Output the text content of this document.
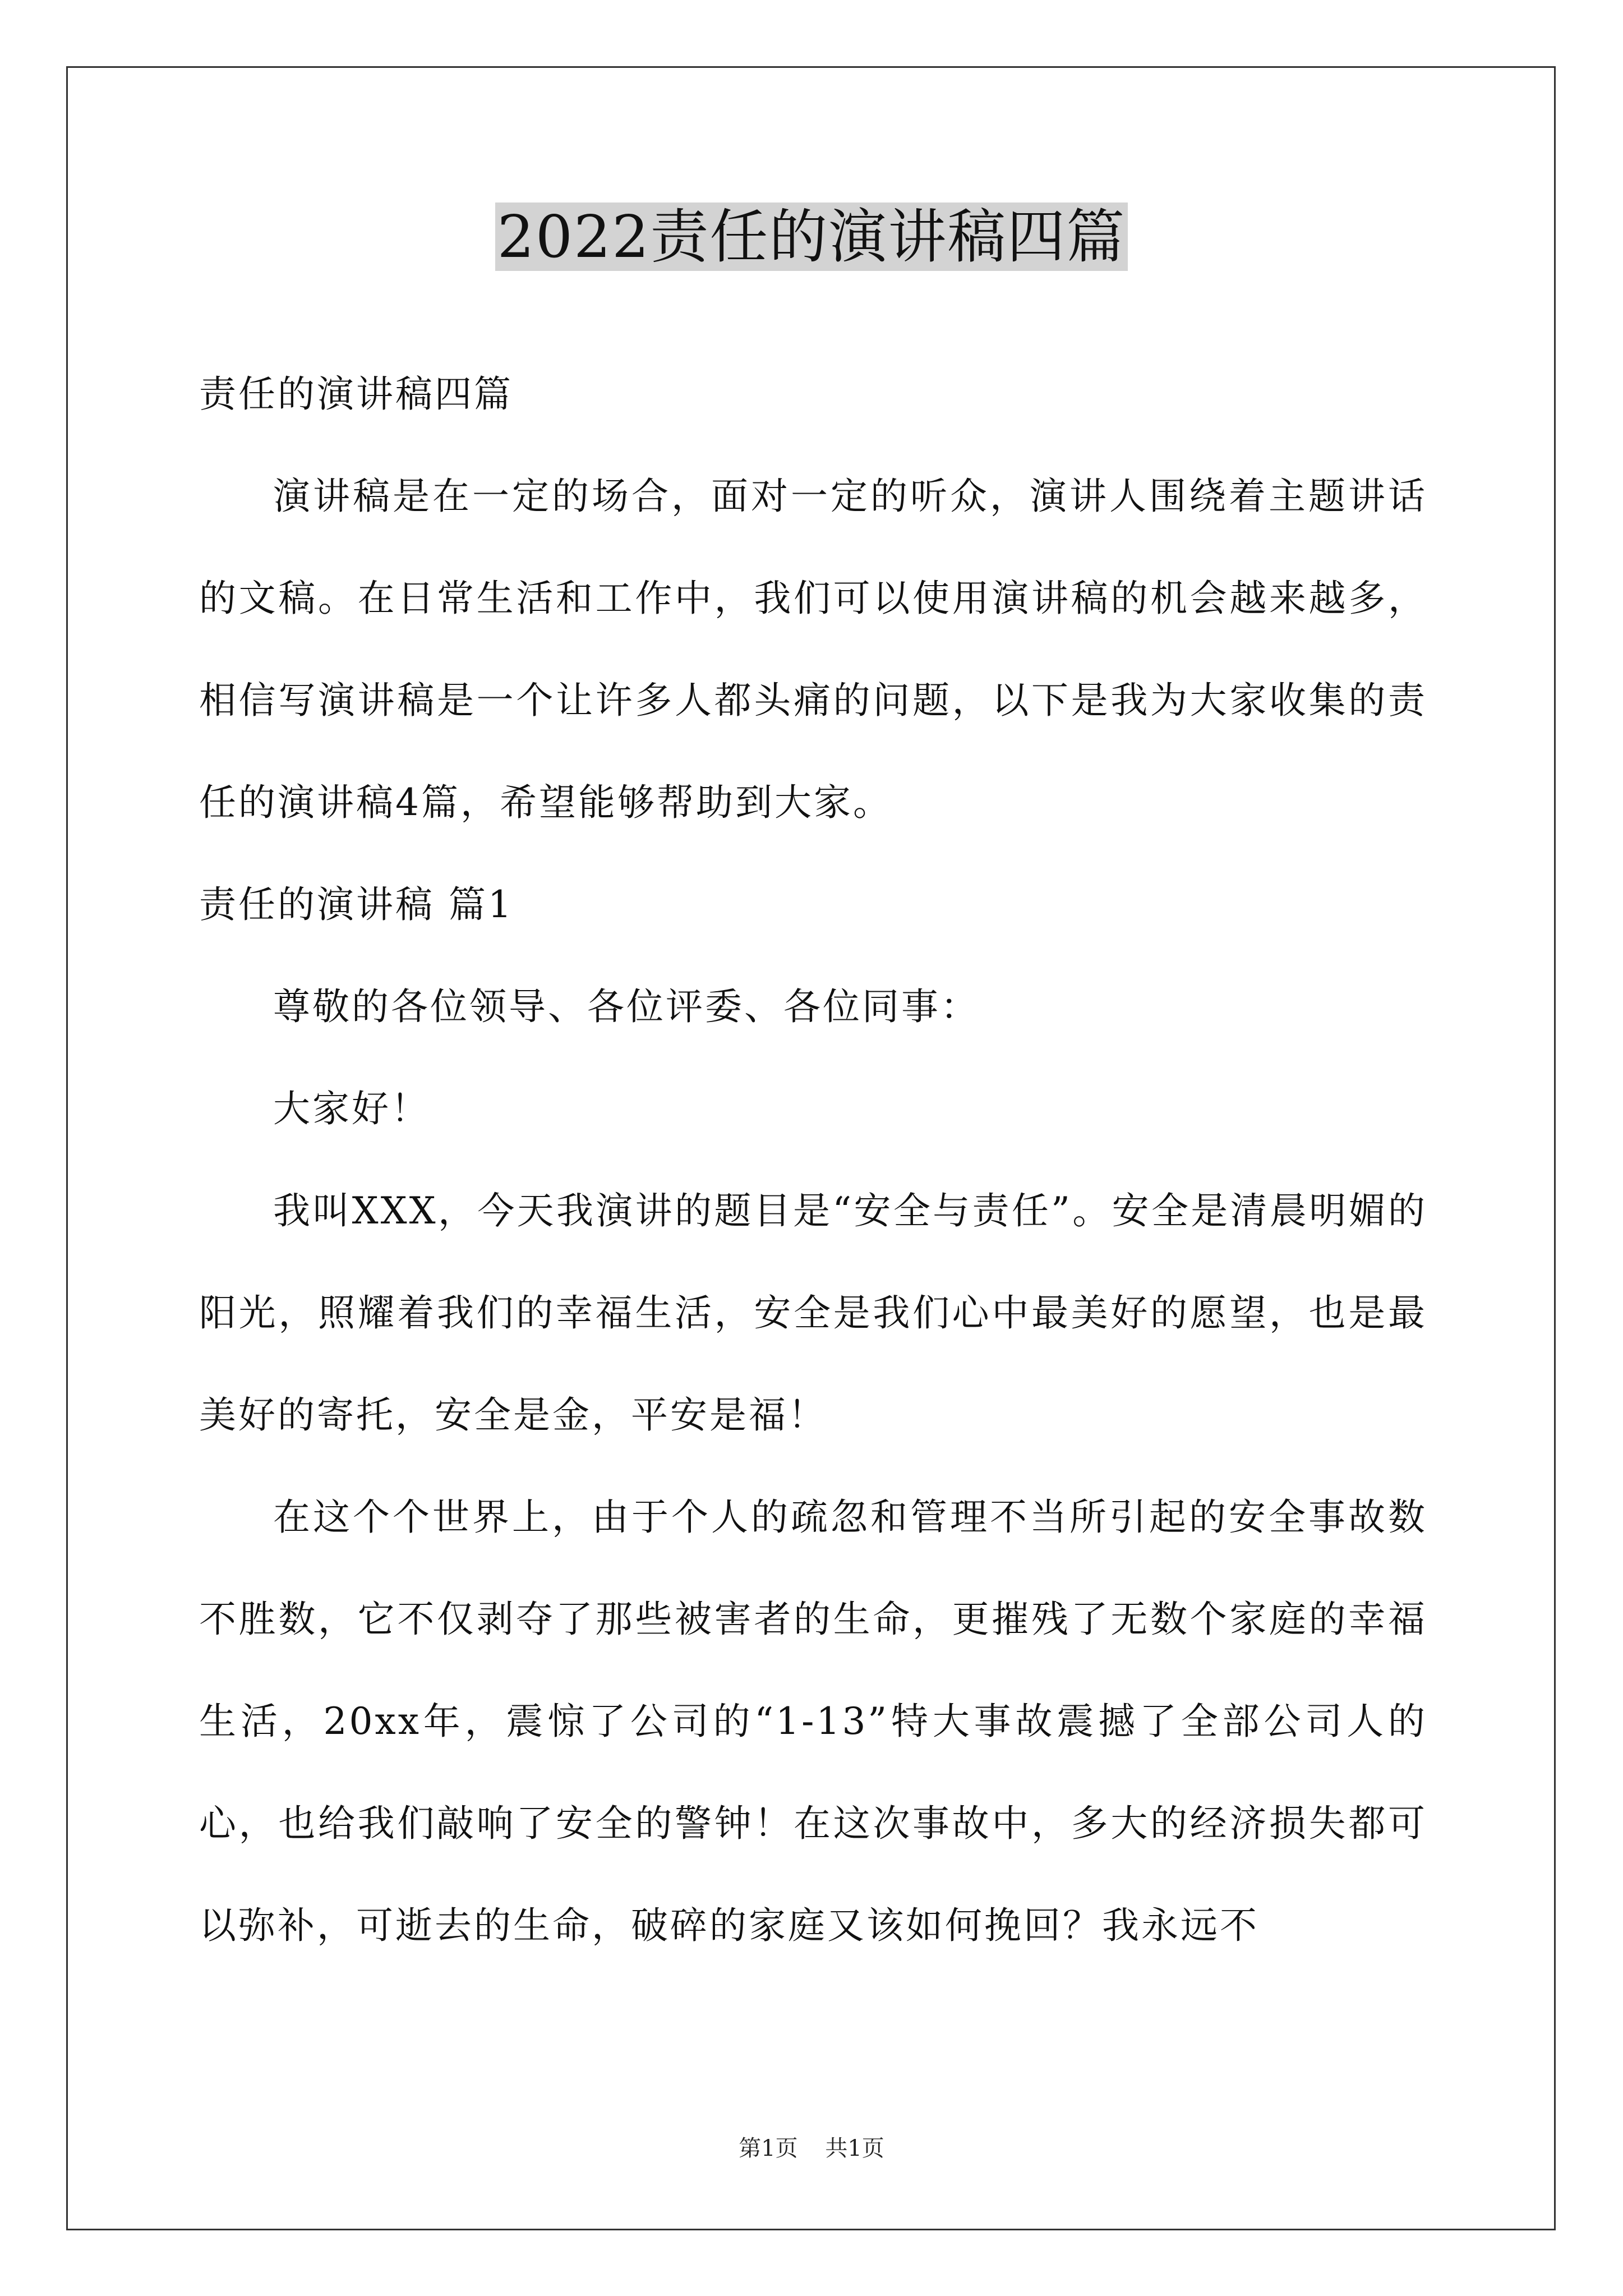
2022责任的演讲稿四篇

责任的演讲稿四篇

演讲稿是在一定的场合，面对一定的听众，演讲人围绕着主题讲话的文稿。在日常生活和工作中，我们可以使用演讲稿的机会越来越多，相信写演讲稿是一个让许多人都头痛的问题，以下是我为大家收集的责任的演讲稿4篇，希望能够帮助到大家。

责任的演讲稿 篇1

尊敬的各位领导、各位评委、各位同事：

大家好！

我叫XXX，今天我演讲的题目是“安全与责任”。安全是清晨明媚的阳光，照耀着我们的幸福生活，安全是我们心中最美好的愿望，也是最美好的寄托，安全是金，平安是福！

在这个个世界上，由于个人的疏忽和管理不当所引起的安全事故数不胜数，它不仅剥夺了那些被害者的生命，更摧残了无数个家庭的幸福生活，20xx年，震惊了公司的“1-13”特大事故震撼了全部公司人的心，也给我们敲响了安全的警钟！在这次事故中，多大的经济损失都可以弥补，可逝去的生命，破碎的家庭又该如何挽回？我永远不

第1页 共1页
